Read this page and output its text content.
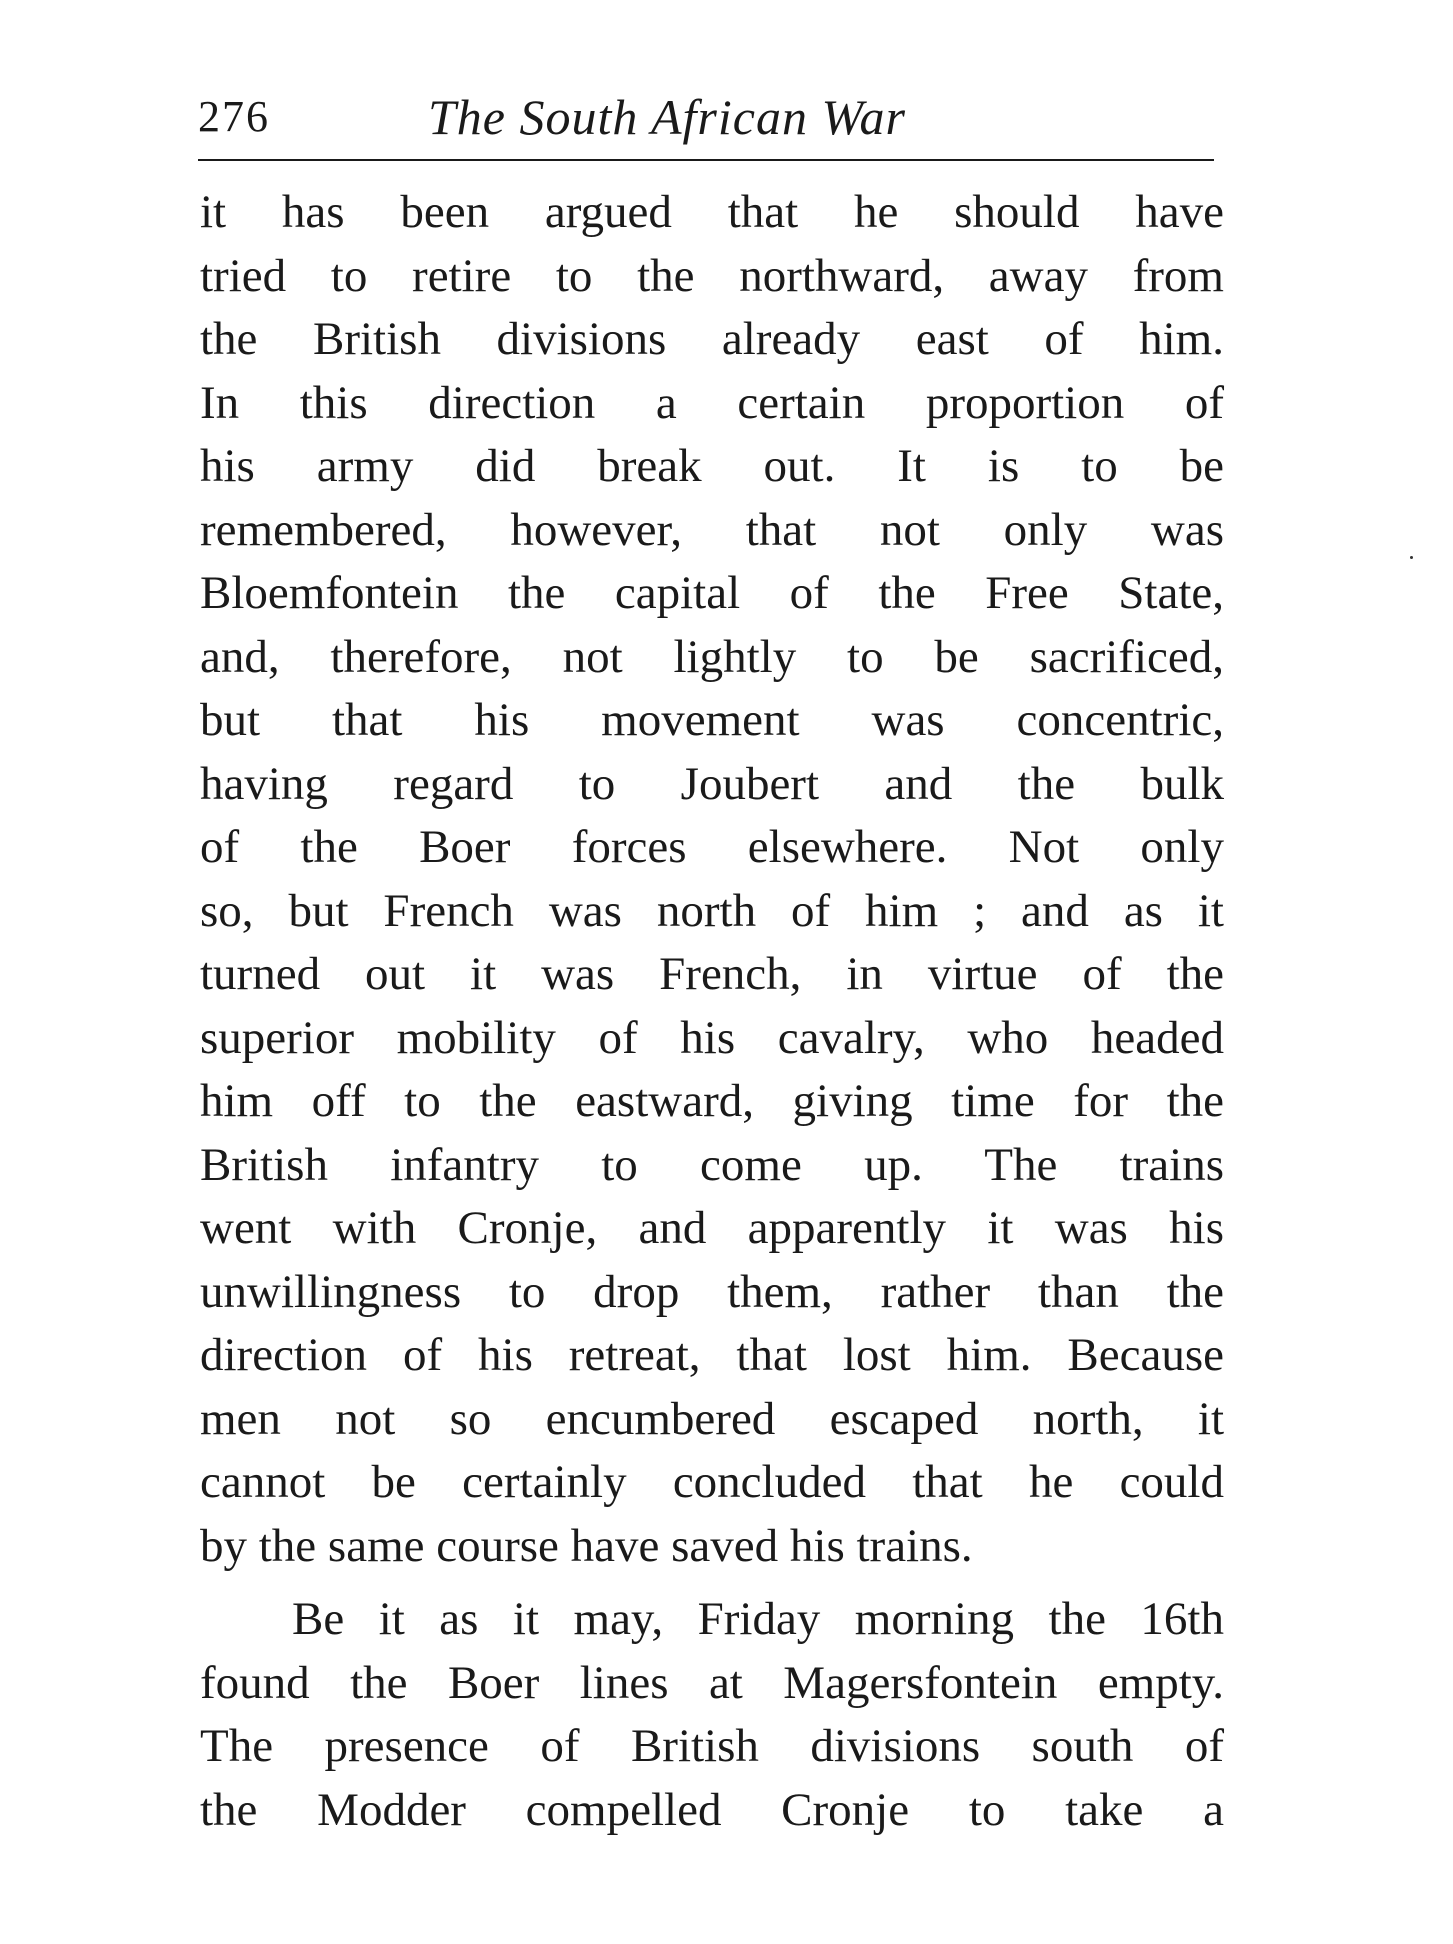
276	The South African War
it has been argued that he should have
tried to retire to the northward, away from
the British divisions already east of him.
In this direction a certain proportion of
his army did break out. It is to be
remembered, however, that not only was
Bloemfontein the capital of the Free State,
and, therefore, not lightly to be sacrificed,
but that his movement was concentric,
having regard to Joubert and the bulk
of the Boer forces elsewhere. Not only
so, but French was north of him ; and as it
turned out it was French, in virtue of the
superior mobility of his cavalry, who headed
him off to the eastward, giving time for the
British infantry to come up. The trains
went with Cronje, and apparently it was his
unwillingness to drop them, rather than the
direction of his retreat, that lost him. Because
men not so encumbered escaped north, it
cannot be certainly concluded that he could
by the same course have saved his trains.
Be it as it may, Friday morning the 16th
found the Boer lines at Magersfontein empty.
The presence of British divisions south of
the Modder compelled Cronje to take a
